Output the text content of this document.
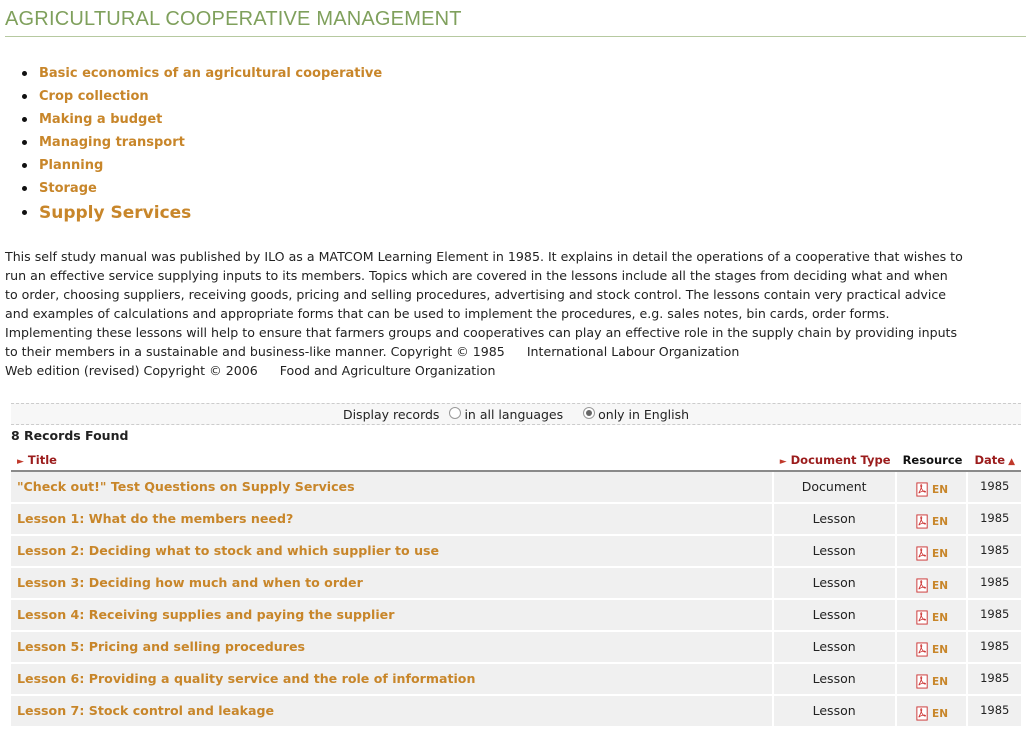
AGRICULTURAL COOPERATIVE MANAGEMENT
Basic economics of an agricultural cooperative
Crop collection
Making a budget
Managing transport
Planning
Storage
Supply Services
This self study manual was published by ILO as a MATCOM Learning Element in 1985. It explains in detail the operations of a cooperative that wishes to
run an effective service supplying inputs to its members. Topics which are covered in the lessons include all the stages from deciding what and when
to order, choosing suppliers, receiving goods, pricing and selling procedures, advertising and stock control. The lessons contain very practical advice
and examples of calculations and appropriate forms that can be used to implement the procedures, e.g. sales notes, bin cards, order forms.
Implementing these lessons will help to ensure that farmers groups and cooperatives can play an effective role in the supply chain by providing inputs
to their members in a sustainable and business-like manner. Copyright © 1985 International Labour Organization
Web edition (revised) Copyright © 2006 Food and Agriculture Organization
Display records in all languages	only in English
8 Records Found
► Title	► Document Type	Resource	Date ▲
"Check out!" Test Questions on Supply Services	Document	EN	1985
Lesson 1: What do the members need?	Lesson	EN	1985
Lesson 2: Deciding what to stock and which supplier to use	Lesson	EN	1985
Lesson 3: Deciding how much and when to order	Lesson	EN	1985
Lesson 4: Receiving supplies and paying the supplier	Lesson	EN	1985
Lesson 5: Pricing and selling procedures	Lesson	EN	1985
Lesson 6: Providing a quality service and the role of information	Lesson	EN	1985
Lesson 7: Stock control and leakage	Lesson	EN	1985
